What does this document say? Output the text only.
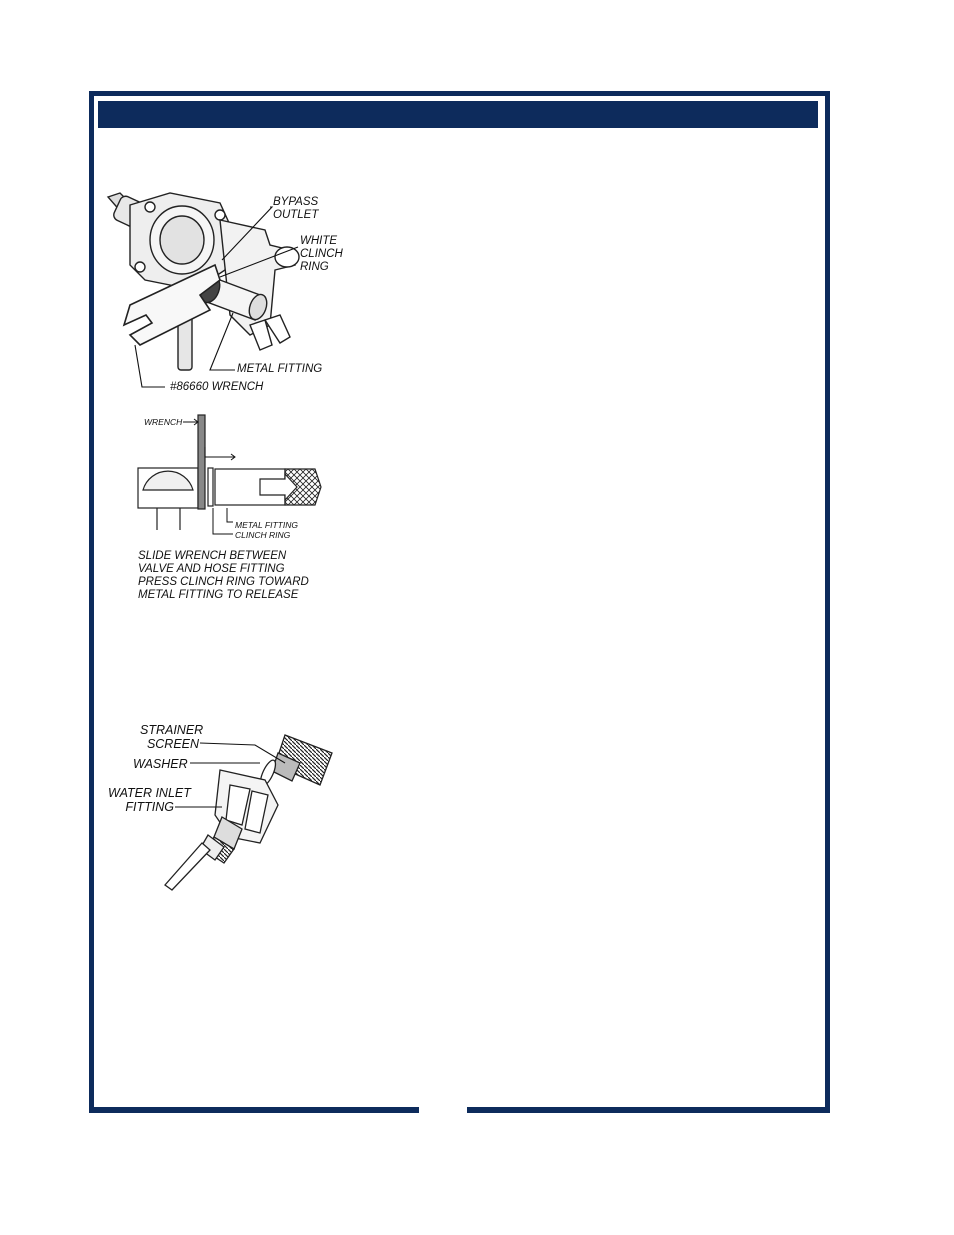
BYPASS
OUTLET
WHITE
CLINCH
RING
METAL FITTING
#86660 WRENCH
WRENCH
METAL FITTING
CLINCH RING
SLIDE WRENCH BETWEEN
VALVE AND HOSE FITTING
PRESS CLINCH RING TOWARD
METAL FITTING TO RELEASE
STRAINER
SCREEN
WASHER
WATER INLET
FITTING
